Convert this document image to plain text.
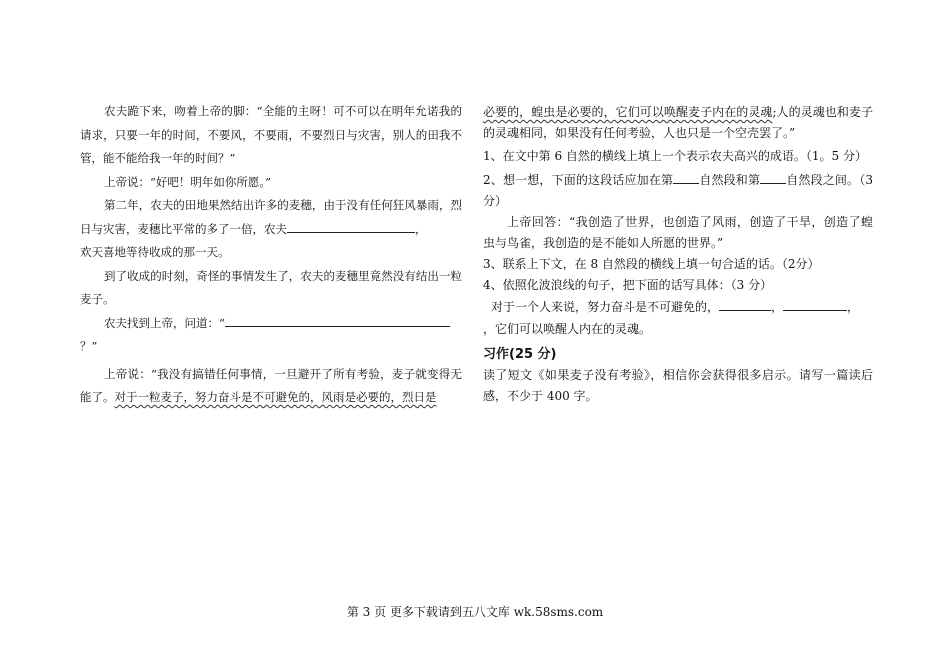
农夫跪下来，吻着上帝的脚：“全能的主呀！可不可以在明年允诺我的请求，只要一年的时间，不要风，不要雨，不要烈日与灾害，别人的田我不管，能不能给我一年的时间？”

上帝说：“好吧！明年如你所愿。”

第二年，农夫的田地果然结出许多的麦穗，由于没有任何狂风暴雨，烈日与灾害，麦穗比平常的多了一倍，农夫	，
欢天喜地等待收成的那一天。

到了收成的时刻，奇怪的事情发生了，农夫的麦穗里竟然没有结出一粒麦子。

农夫找到上帝，问道：“
？”

上帝说：“我没有搞错任何事情，一旦避开了所有考验，麦子就变得无能了。对于一粒麦子，努力奋斗是不可避免的，风雨是必要的，烈日是

必要的，蝗虫是必要的，它们可以唤醒麦子内在的灵魂;人的灵魂也和麦子的灵魂相同，如果没有任何考验，人也只是一个空壳罢了。”

1、在文中第 6 自然的横线上填上一个表示农夫高兴的成语。（1。5 分）

2、想一想，下面的这段话应加在第 自然段和第 自然段之间。（3分）

上帝回答：“我创造了世界，也创造了风雨，创造了干旱，创造了蝗虫与鸟雀，我创造的是不能如人所愿的世界。”

3、联系上下文，在 8 自然段的横线上填一句合适的话。（2分）

4、依照化波浪线的句子，把下面的话写具体：（3 分）

对于一个人来说，努力奋斗是不可避免的，	，	，

，它们可以唤醒人内在的灵魂。

习作(25 分)

读了短文《如果麦子没有考验》，相信你会获得很多启示。请写一篇读后感，不少于 400 字。

第 3 页 更多下载请到五八文库 wk.58sms.com
